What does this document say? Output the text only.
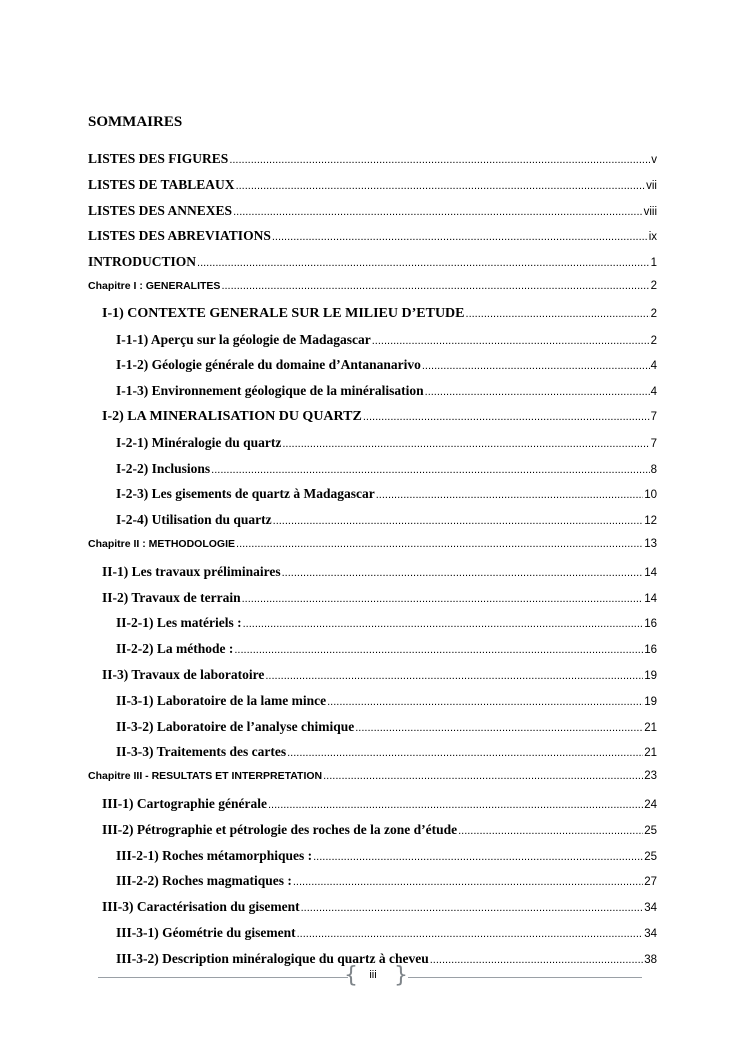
SOMMAIRES
LISTES DES FIGURES .....	v
LISTES DE TABLEAUX .....	vii
LISTES DES ANNEXES .....	viii
LISTES DES ABREVIATIONS .....	ix
INTRODUCTION .....	1
Chapitre I : GENERALITES .....	2
I-1) CONTEXTE GENERALE SUR LE MILIEU D’ETUDE .....	2
I-1-1) Aperçu sur la géologie de Madagascar .....	2
I-1-2) Géologie générale du domaine d’Antananarivo .....	4
I-1-3) Environnement géologique de la minéralisation .....	4
I-2) LA MINERALISATION DU QUARTZ .....	7
I-2-1) Minéralogie du quartz .....	7
I-2-2) Inclusions .....	8
I-2-3) Les gisements de quartz à Madagascar .....	10
I-2-4) Utilisation du quartz .....	12
Chapitre II : METHODOLOGIE .....	13
II-1) Les travaux préliminaires .....	14
II-2) Travaux de terrain .....	14
II-2-1) Les matériels : .....	16
II-2-2) La méthode : .....	16
II-3) Travaux de laboratoire .....	19
II-3-1) Laboratoire de la lame mince .....	19
II-3-2) Laboratoire de l’analyse chimique .....	21
II-3-3) Traitements des cartes .....	21
Chapitre III - RESULTATS ET INTERPRETATION .....	23
III-1) Cartographie générale .....	24
III-2) Pétrographie et pétrologie des roches de la zone d’étude .....	25
III-2-1) Roches métamorphiques : .....	25
III-2-2) Roches magmatiques : .....	27
III-3) Caractérisation du gisement .....	34
III-3-1) Géométrie du gisement .....	34
III-3-2) Description minéralogique du quartz à cheveu .....	38
{	iii }
